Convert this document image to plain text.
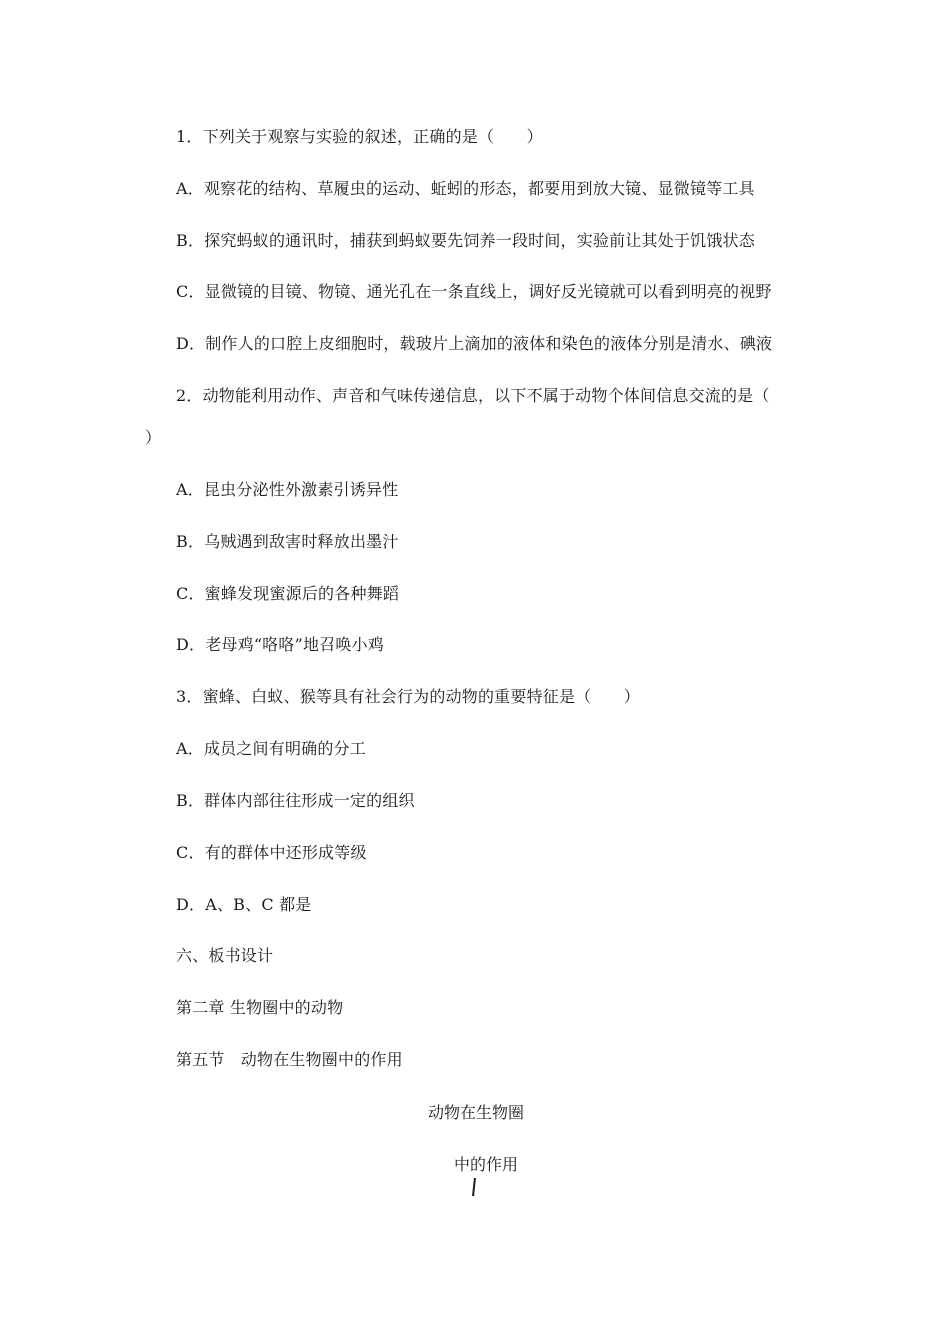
1．下列关于观察与实验的叙述，正确的是（　　）
A．观察花的结构、草履虫的运动、蚯蚓的形态，都要用到放大镜、显微镜等工具
B．探究蚂蚁的通讯时，捕获到蚂蚁要先饲养一段时间，实验前让其处于饥饿状态
C．显微镜的目镜、物镜、通光孔在一条直线上，调好反光镜就可以看到明亮的视野
D．制作人的口腔上皮细胞时，载玻片上滴加的液体和染色的液体分别是清水、碘液
2．动物能利用动作、声音和气味传递信息，以下不属于动物个体间信息交流的是（
）
A．昆虫分泌性外激素引诱异性
B．乌贼遇到敌害时释放出墨汁
C．蜜蜂发现蜜源后的各种舞蹈
D．老母鸡“咯咯”地召唤小鸡
3．蜜蜂、白蚁、猴等具有社会行为的动物的重要特征是（　　）
A．成员之间有明确的分工
B．群体内部往往形成一定的组织
C．有的群体中还形成等级
D．A、B、C 都是
六、板书设计
第二章 生物圈中的动物
第五节　动物在生物圈中的作用
动物在生物圈
中的作用
